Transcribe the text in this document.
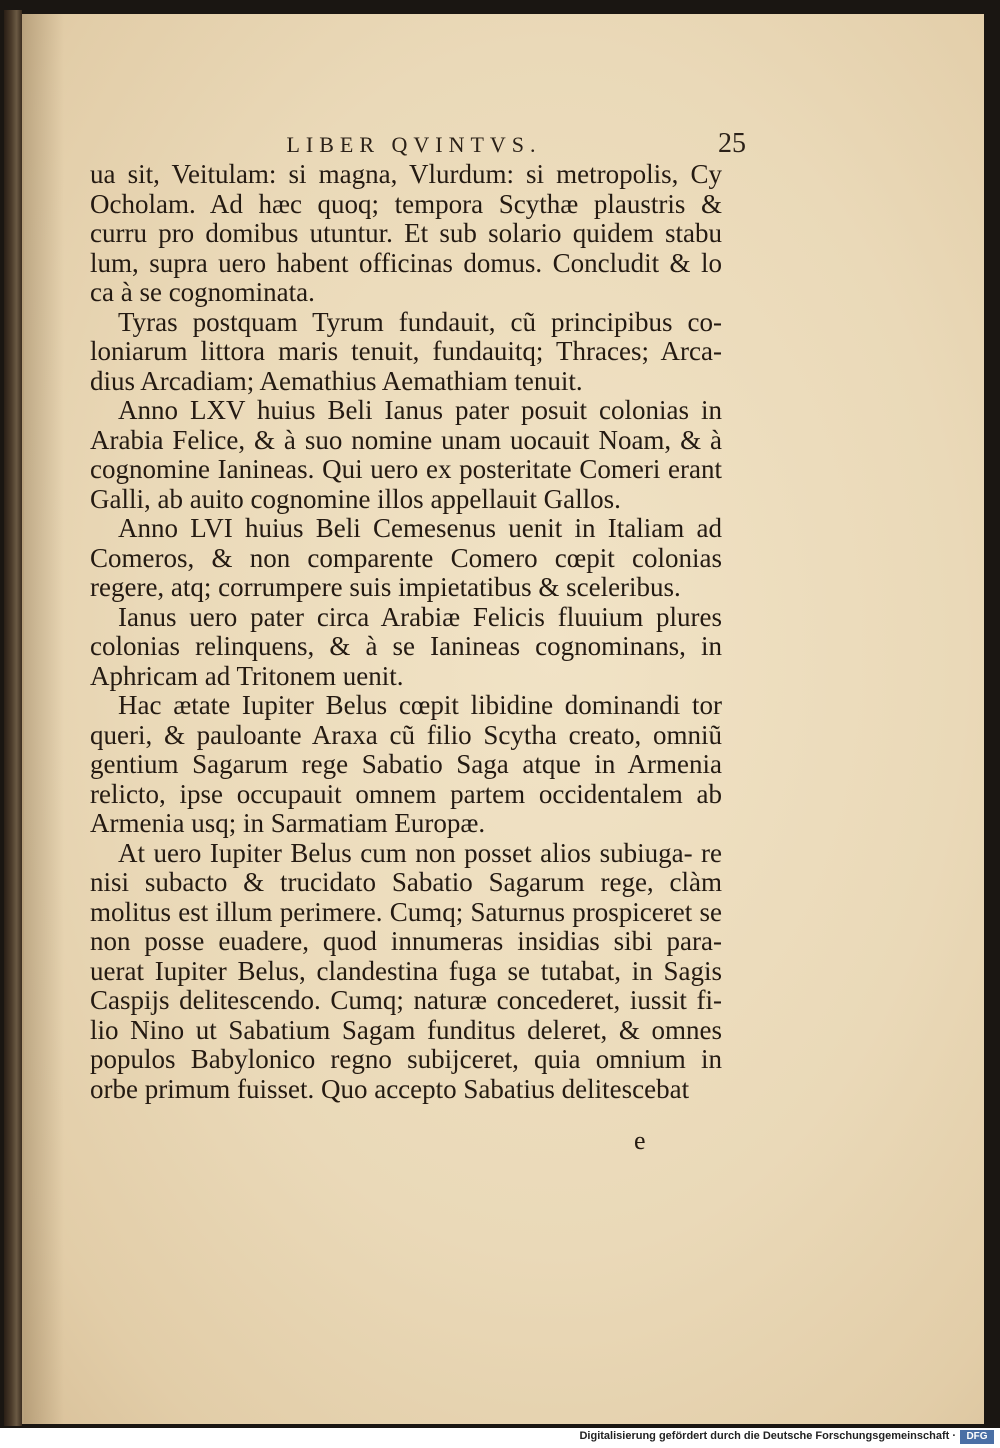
LIBER QVINTVS.	25

ua sit, Veitulam: si magna, Vlurdum: si metropolis, Cy Ocholam. Ad hæc quoq; tempora Scythæ plaustris & curru pro domibus utuntur. Et sub solario quidem stabu lum, supra uero habent officinas domus. Concludit & lo ca à se cognominata.

Tyras postquam Tyrum fundauit, cũ principibus co- loniarum littora maris tenuit, fundauitq; Thraces; Arca- dius Arcadiam; Aemathius Aemathiam tenuit.

Anno LXV huius Beli Ianus pater posuit colonias in Arabia Felice, & à suo nomine unam uocauit Noam, & à cognomine Ianineas. Qui uero ex posteritate Comeri erant Galli, ab auito cognomine illos appellauit Gallos.

Anno LVI huius Beli Cemesenus uenit in Italiam ad Comeros, & non comparente Comero cœpit colonias regere, atq; corrumpere suis impietatibus & sceleribus.

Ianus uero pater circa Arabiæ Felicis fluuium plures colonias relinquens, & à se Ianineas cognominans, in Aphricam ad Tritonem uenit.

Hac ætate Iupiter Belus cœpit libidine dominandi tor queri, & pauloante Araxa cũ filio Scytha creato, omniũ gentium Sagarum rege Sabatio Saga atque in Armenia relicto, ipse occupauit omnem partem occidentalem ab Armenia usq; in Sarmatiam Europæ.

At uero Iupiter Belus cum non posset alios subiuga- re nisi subacto & trucidato Sabatio Sagarum rege, clàm molitus est illum perimere. Cumq; Saturnus prospiceret se non posse euadere, quod innumeras insidias sibi para- uerat Iupiter Belus, clandestina fuga se tutabat, in Sagis Caspijs delitescendo. Cumq; naturæ concederet, iussit fi- lio Nino ut Sabatium Sagam funditus deleret, & omnes populos Babylonico regno subijceret, quia omnium in orbe primum fuisset. Quo accepto Sabatius delitescebat

e
Digitalisierung gefördert durch die Deutsche Forschungsgemeinschaft ·	DFG
